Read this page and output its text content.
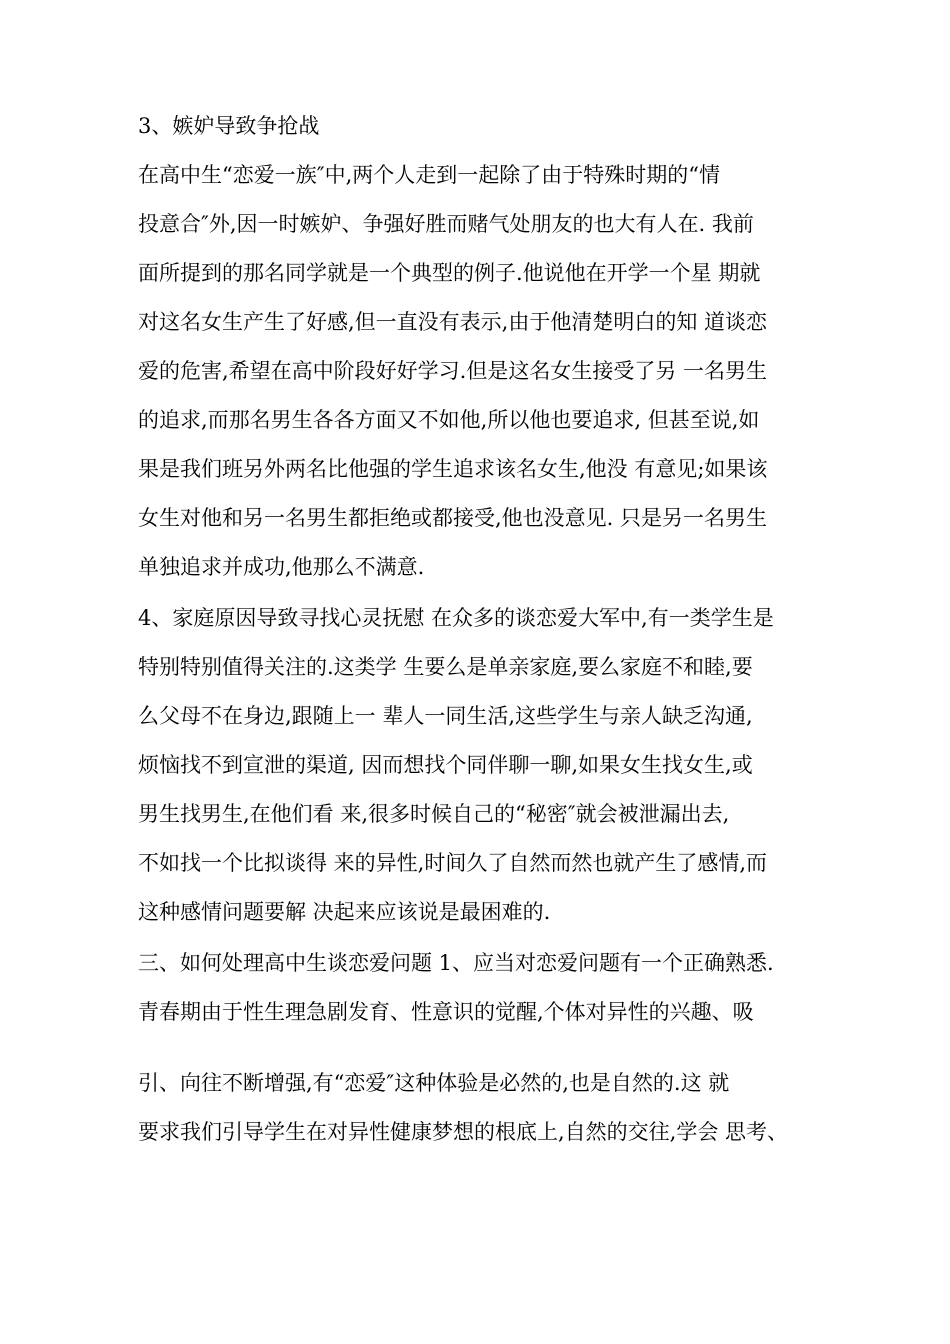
3、嫉妒导致争抢战
在高中生“恋爱一族″中,两个人走到一起除了由于特殊时期的“情
投意合″外,因一时嫉妒、争强好胜而赌气处朋友的也大有人在. 我前
面所提到的那名同学就是一个典型的例子.他说他在开学一个星 期就
对这名女生产生了好感,但一直没有表示,由于他清楚明白的知 道谈恋
爱的危害,希望在高中阶段好好学习.但是这名女生接受了另 一名男生
的追求,而那名男生各各方面又不如他,所以他也要追求, 但甚至说,如
果是我们班另外两名比他强的学生追求该名女生,他没 有意见;如果该
女生对他和另一名男生都拒绝或都接受,他也没意见. 只是另一名男生
单独追求并成功,他那么不满意.
4、家庭原因导致寻找心灵抚慰 在众多的谈恋爱大军中,有一类学生是
特别特别值得关注的.这类学 生要么是单亲家庭,要么家庭不和睦,要
么父母不在身边,跟随上一 辈人一同生活,这些学生与亲人缺乏沟通,
烦恼找不到宣泄的渠道, 因而想找个同伴聊一聊,如果女生找女生,或
男生找男生,在他们看 来,很多时候自己的“秘密″就会被泄漏出去,
不如找一个比拟谈得 来的异性,时间久了自然而然也就产生了感情,而
这种感情问题要解 决起来应该说是最困难的.
三、如何处理高中生谈恋爱问题 1、应当对恋爱问题有一个正确熟悉.
青春期由于性生理急剧发育、性意识的觉醒,个体对异性的兴趣、吸
引、向往不断增强,有“恋爱″这种体验是必然的,也是自然的.这 就
要求我们引导学生在对异性健康梦想的根底上,自然的交往,学会 思考、
